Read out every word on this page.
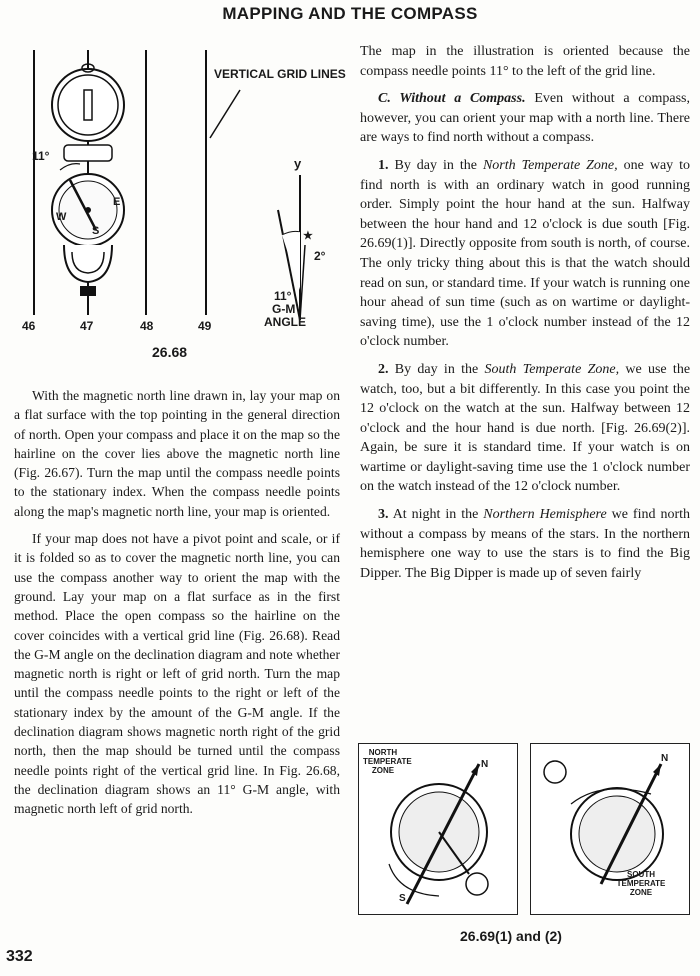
MAPPING AND THE COMPASS
VERTICAL GRID LINES
11°
W
E
S
y
★
2°
11°
G-M
ANGLE
46	47	48	49
26.68

With the magnetic north line drawn in, lay your map on a flat surface with the top pointing in the general direction of north. Open your compass and place it on the map so the hairline on the cover lies above the magnetic north line (Fig. 26.67). Turn the map until the compass needle points to the stationary index. When the compass needle points along the map's magnetic north line, your map is oriented.

If your map does not have a pivot point and scale, or if it is folded so as to cover the magnetic north line, you can use the compass another way to orient the map with the ground. Lay your map on a flat surface as in the first method. Place the open compass so the hairline on the cover coincides with a vertical grid line (Fig. 26.68). Read the G-M angle on the declination diagram and note whether magnetic north is right or left of grid north. Turn the map until the compass needle points to the right or left of the stationary index by the amount of the G-M angle. If the declination diagram shows magnetic north right of the grid north, then the map should be turned until the compass needle points right of the vertical grid line. In Fig. 26.68, the declination diagram shows an 11° G-M angle, with magnetic north left of grid north.

The map in the illustration is oriented because the compass needle points 11° to the left of the grid line.

C. Without a Compass. Even without a compass, however, you can orient your map with a north line. There are ways to find north without a compass.

1. By day in the North Temperate Zone, one way to find north is with an ordinary watch in good running order. Simply point the hour hand at the sun. Halfway between the hour hand and 12 o'clock is due south [Fig. 26.69(1)]. Directly opposite from south is north, of course. The only tricky thing about this is that the watch should read on sun, or standard time. If your watch is running one hour ahead of sun time (such as on wartime or daylight-saving time), use the 1 o'clock number instead of the 12 o'clock number.

2. By day in the South Temperate Zone, we use the watch, too, but a bit differently. In this case you point the 12 o'clock on the watch at the sun. Halfway between 12 o'clock and the hour hand is due north. [Fig. 26.69(2)]. Again, be sure it is standard time. If your watch is on wartime or daylight-saving time use the 1 o'clock number on the watch instead of the 12 o'clock number.

3. At night in the Northern Hemisphere we find north without a compass by means of the stars. In the northern hemisphere one way to use the stars is to find the Big Dipper. The Big Dipper is made up of seven fairly

NORTH
TEMPERATE
ZONE
N
S
N
SOUTH
TEMPERATE
ZONE
26.69(1) and (2)
332
